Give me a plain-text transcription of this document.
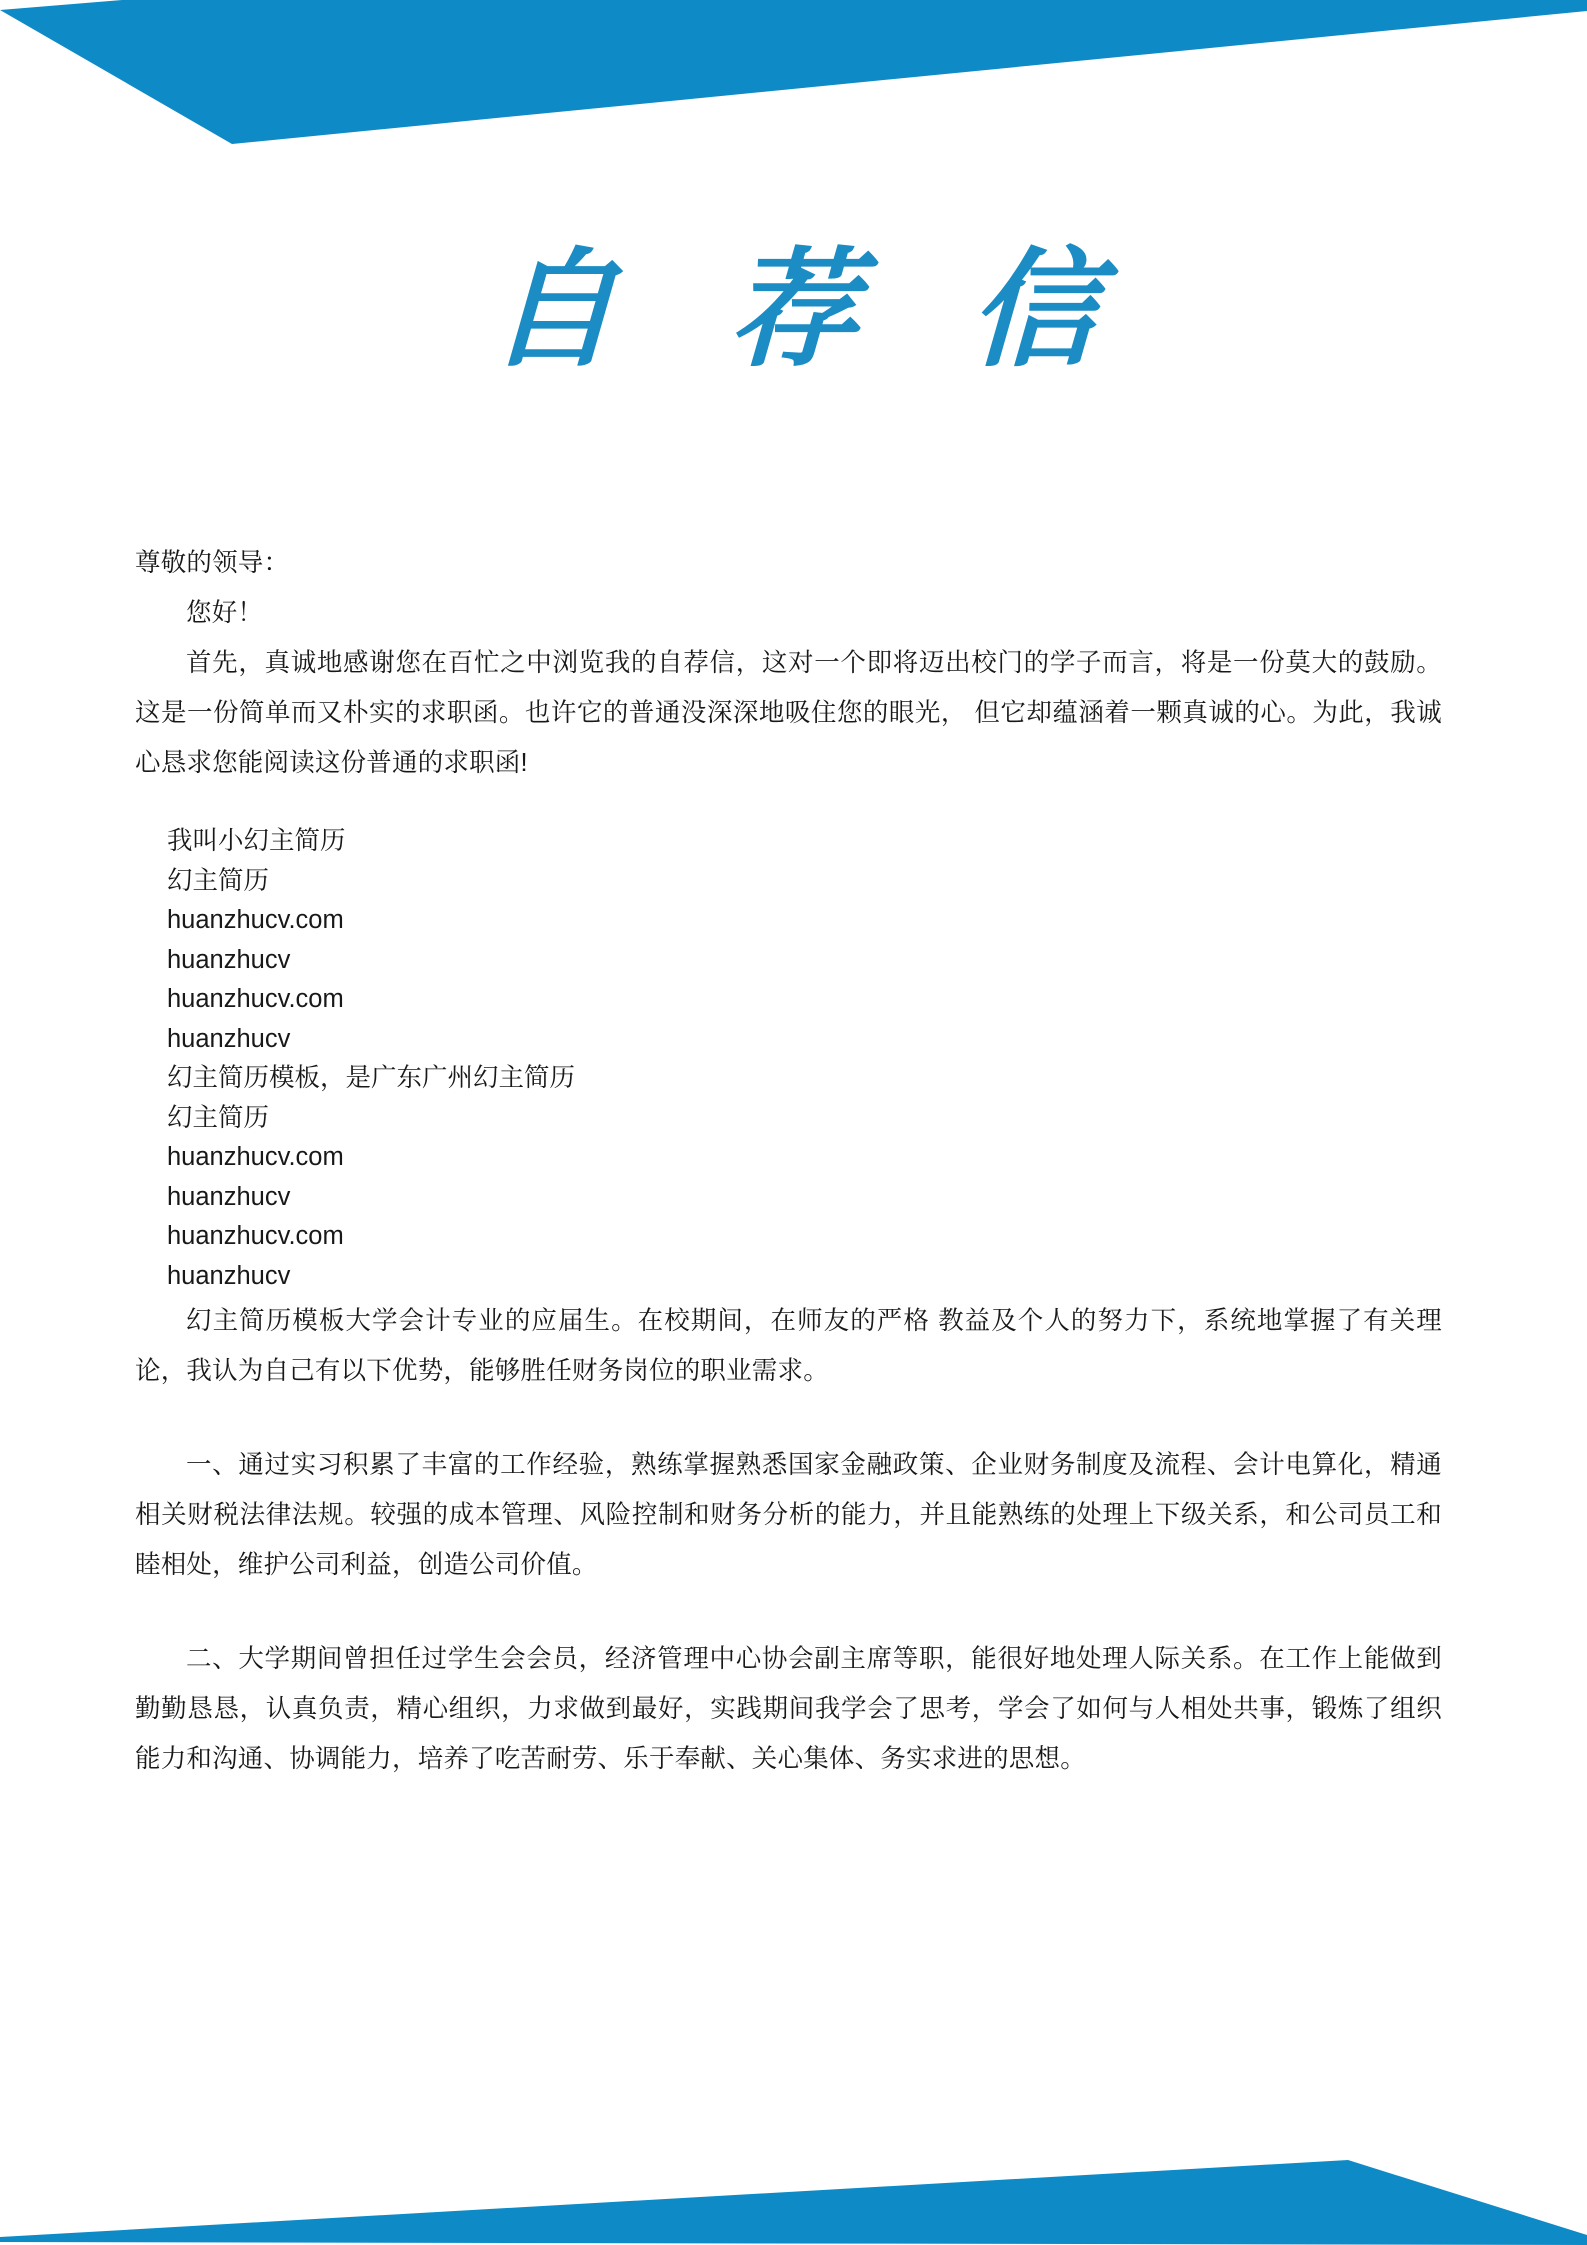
自 荐 信

尊敬的领导：

您好！

首先，真诚地感谢您在百忙之中浏览我的自荐信，这对一个即将迈出校门的学子而言，将是一份莫大的鼓励。这是一份简单而又朴实的求职函。也许它的普通没深深地吸住您的眼光， 但它却蕴涵着一颗真诚的心。为此，我诚心恳求您能阅读这份普通的求职函!

我叫小幻主简历
幻主简历
huanzhucv.com
huanzhucv
huanzhucv.com
huanzhucv
幻主简历模板，是广东广州幻主简历
幻主简历
huanzhucv.com
huanzhucv
huanzhucv.com
huanzhucv

幻主简历模板大学会计专业的应届生。在校期间，在师友的严格 教益及个人的努力下，系统地掌握了有关理论，我认为自己有以下优势，能够胜任财务岗位的职业需求。

一、通过实习积累了丰富的工作经验，熟练掌握熟悉国家金融政策、企业财务制度及流程、会计电算化，精通相关财税法律法规。较强的成本管理、风险控制和财务分析的能力，并且能熟练的处理上下级关系，和公司员工和睦相处，维护公司利益，创造公司价值。

二、大学期间曾担任过学生会会员，经济管理中心协会副主席等职，能很好地处理人际关系。在工作上能做到勤勤恳恳，认真负责，精心组织，力求做到最好，实践期间我学会了思考，学会了如何与人相处共事，锻炼了组织能力和沟通、协调能力，培养了吃苦耐劳、乐于奉献、关心集体、务实求进的思想。
